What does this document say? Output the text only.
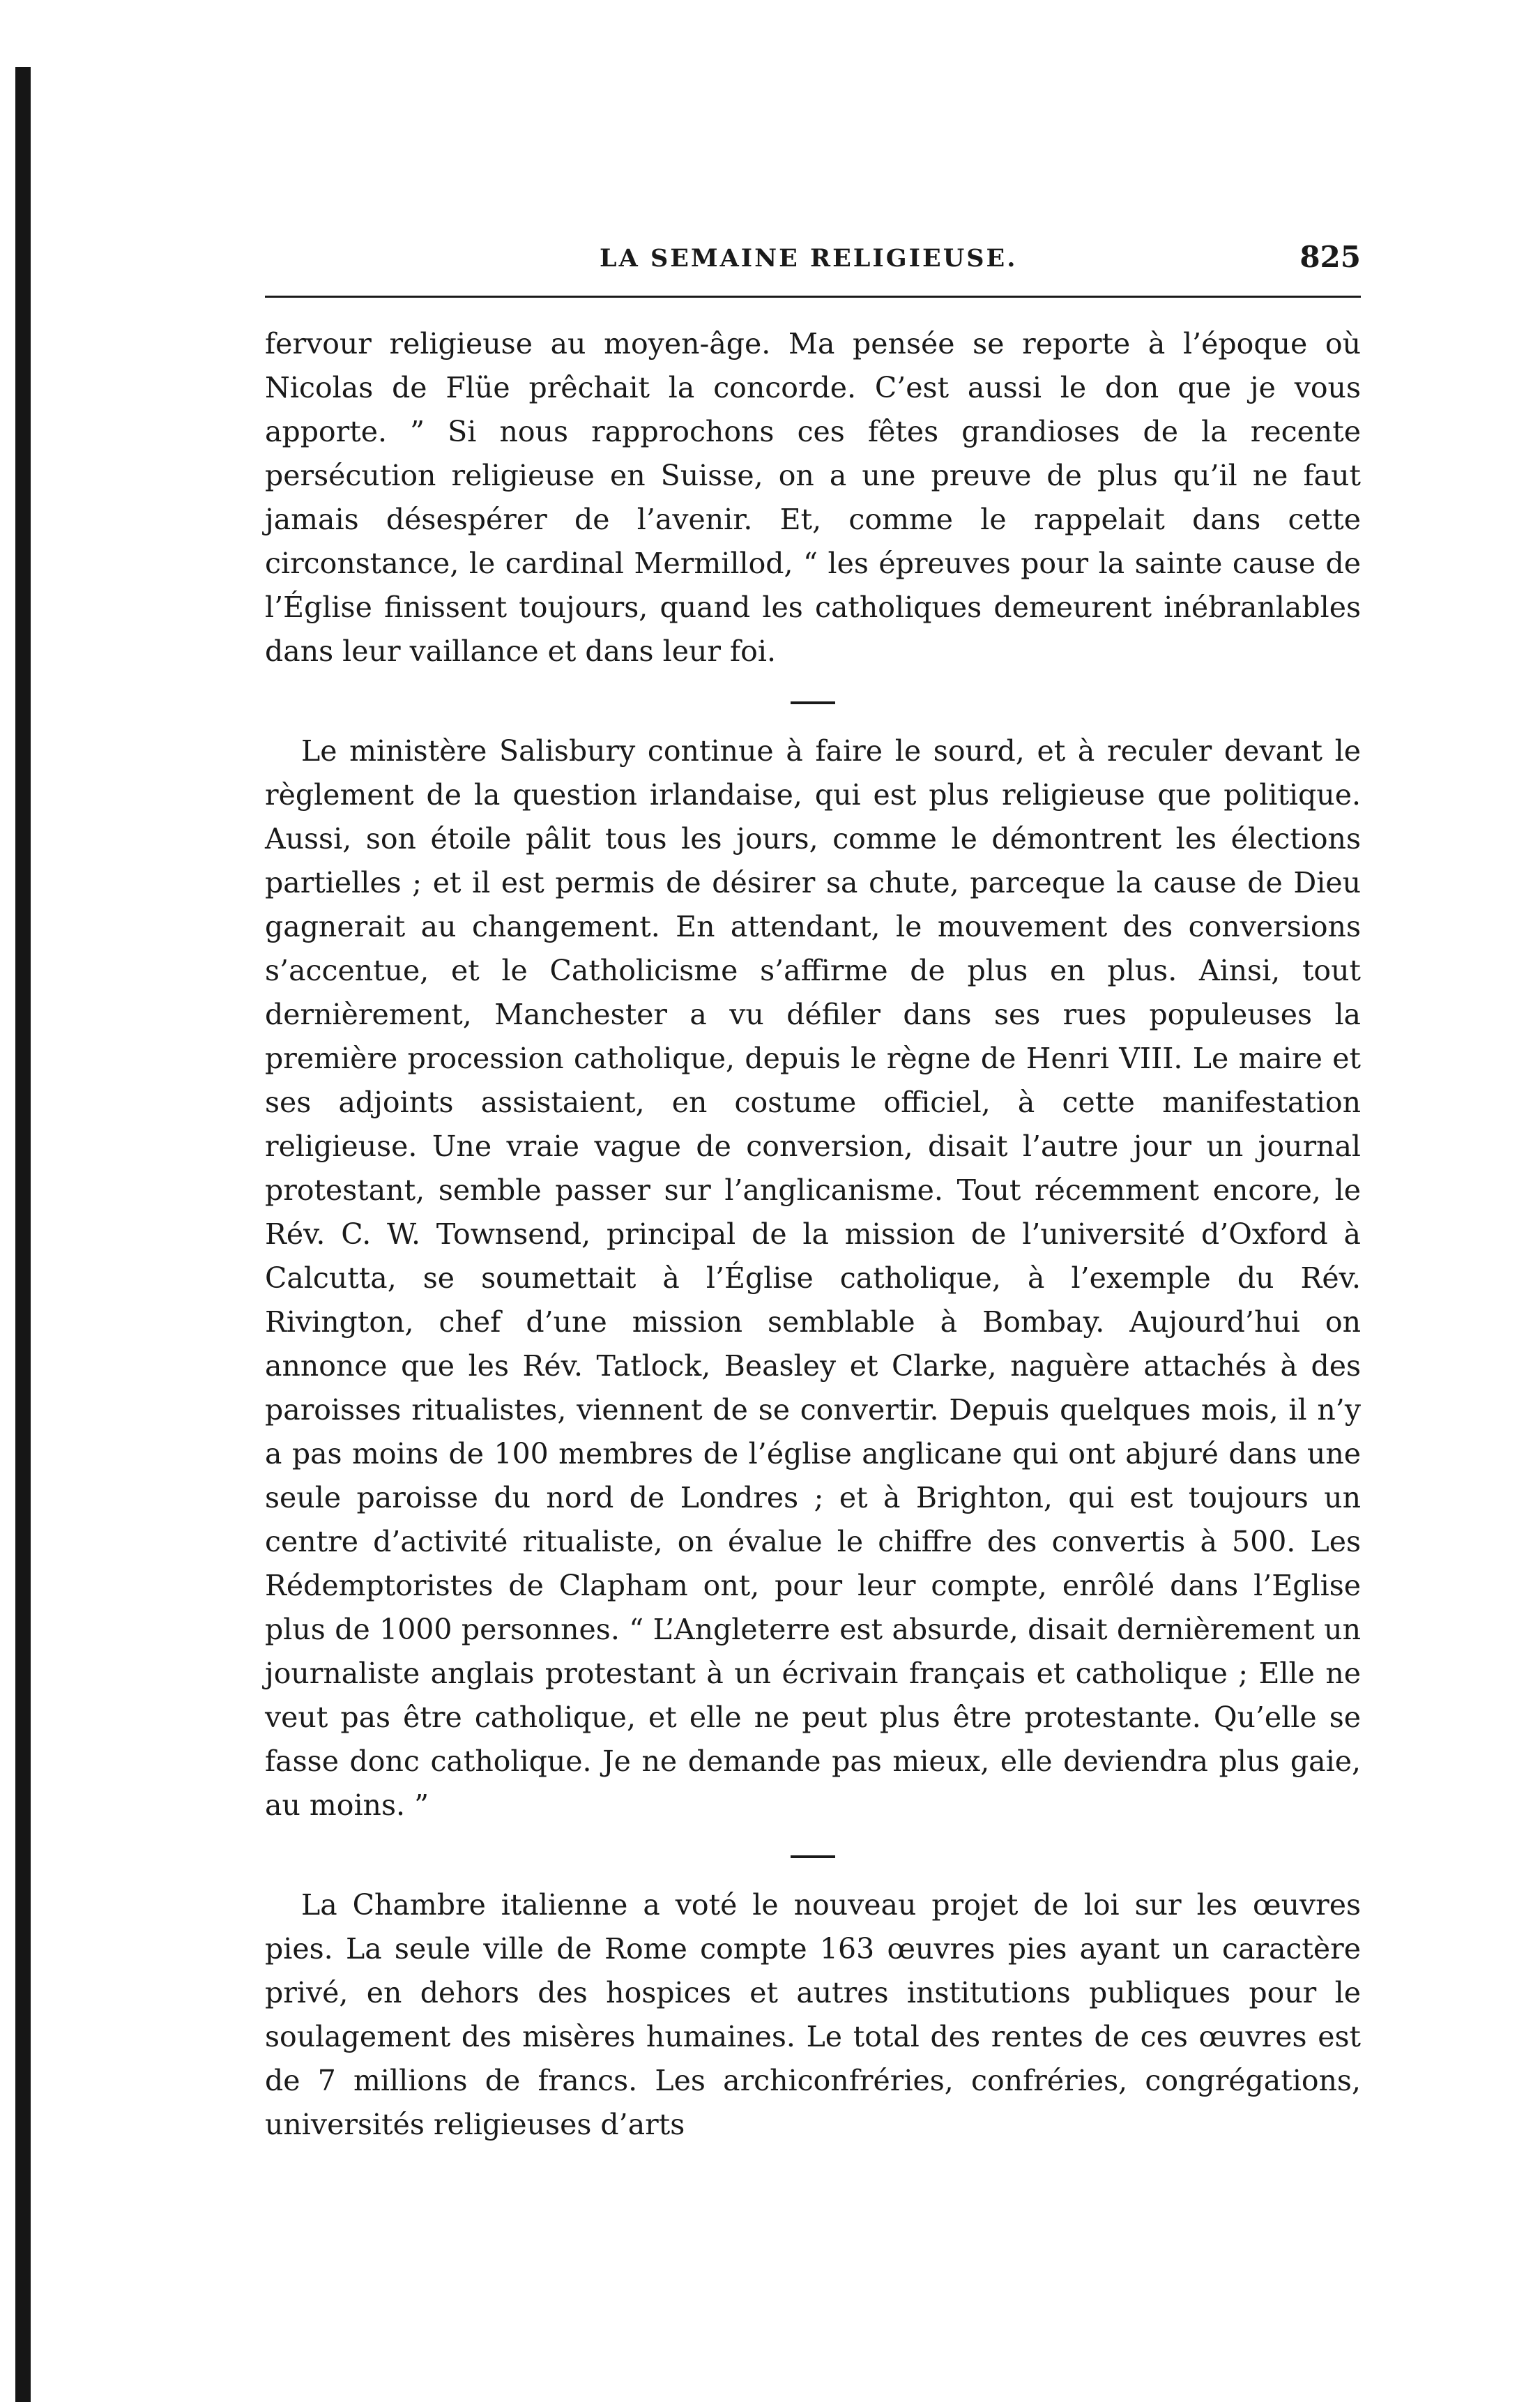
LA SEMAINE RELIGIEUSE.	825

fervour religieuse au moyen-âge. Ma pensée se reporte à l’époque où Nicolas de Flüe prêchait la concorde. C’est aussi le don que je vous apporte. ” Si nous rapprochons ces fêtes grandioses de la recente persécution religieuse en Suisse, on a une preuve de plus qu’il ne faut jamais désespérer de l’avenir. Et, comme le rappelait dans cette circonstance, le cardinal Mermillod, “ les épreuves pour la sainte cause de l’Église finissent toujours, quand les catholiques demeurent inébranlables dans leur vaillance et dans leur foi.

Le ministère Salisbury continue à faire le sourd, et à reculer devant le règlement de la question irlandaise, qui est plus religieuse que politique. Aussi, son étoile pâlit tous les jours, comme le démontrent les élections partielles ; et il est permis de désirer sa chute, parceque la cause de Dieu gagnerait au changement. En attendant, le mouvement des conversions s’accentue, et le Catholicisme s’affirme de plus en plus. Ainsi, tout dernièrement, Manchester a vu défiler dans ses rues populeuses la première procession catholique, depuis le règne de Henri VIII. Le maire et ses adjoints assistaient, en costume officiel, à cette manifestation religieuse. Une vraie vague de conversion, disait l’autre jour un journal protestant, semble passer sur l’anglicanisme. Tout récemment encore, le Rév. C. W. Townsend, principal de la mission de l’université d’Oxford à Calcutta, se soumettait à l’Église catholique, à l’exemple du Rév. Rivington, chef d’une mission semblable à Bombay. Aujourd’hui on annonce que les Rév. Tatlock, Beasley et Clarke, naguère attachés à des paroisses ritualistes, viennent de se convertir. Depuis quelques mois, il n’y a pas moins de 100 membres de l’église anglicane qui ont abjuré dans une seule paroisse du nord de Londres ; et à Brighton, qui est toujours un centre d’activité ritualiste, on évalue le chiffre des convertis à 500. Les Rédemptoristes de Clapham ont, pour leur compte, enrôlé dans l’Eglise plus de 1000 personnes. “ L’Angleterre est absurde, disait dernièrement un journaliste anglais protestant à un écrivain français et catholique ; Elle ne veut pas être catholique, et elle ne peut plus être protestante. Qu’elle se fasse donc catholique. Je ne demande pas mieux, elle deviendra plus gaie, au moins. ”

La Chambre italienne a voté le nouveau projet de loi sur les œuvres pies. La seule ville de Rome compte 163 œuvres pies ayant un caractère privé, en dehors des hospices et autres institutions publiques pour le soulagement des misères humaines. Le total des rentes de ces œuvres est de 7 millions de francs. Les archiconfréries, confréries, congrégations, universités religieuses d’arts
